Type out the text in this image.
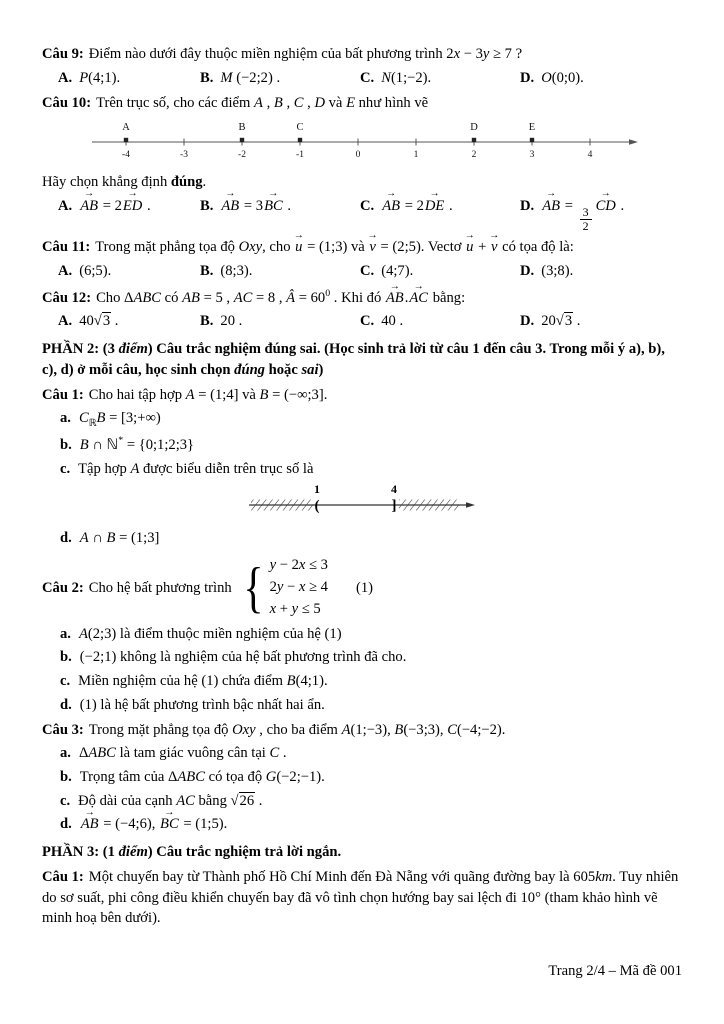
Câu 9: Điểm nào dưới đây thuộc miền nghiệm của bất phương trình 2x − 3y ≥ 7 ?

A. P(4;1).	B. M (−2;2) .	C. N(1;−2).	D. O(0;0).

Câu 10: Trên trục số, cho các điểm A , B , C , D và E như hình vẽ

A	B	C	D	E
-4	-3	-2	-1	0	1	2	3	4

Hãy chọn khẳng định đúng.

A. AB → = 2ED → .	B. AB → = 3BC → .	C. AB → = 2DE → .	D. AB → = $\frac{3}{2}$ CD → .

Câu 11: Trong mặt phẳng tọa độ Oxy, cho u → = (1;3) và v → = (2;5). Vectơ u → + v → có tọa độ là:

A. (6;5).	B. (8;3).	C. (4;7).	D. (3;8).

Câu 12: Cho ΔABC có AB = 5 , AC = 8 , Â = $60^0$ . Khi đó AB →.AC → bằng:

A. 40√3 .	B. 20 .	C. 40 .	D. 20√3 .

PHẦN 2: (3 điểm) Câu trắc nghiệm đúng sai. (Học sinh trả lời từ câu 1 đến câu 3. Trong mỗi ý a), b), c), d) ở mỗi câu, học sinh chọn đúng hoặc sai)

Câu 1: Cho hai tập hợp A = (1;4] và B = (−∞;3].

a. $C_ℝB$ = [3;+∞)

b. B ∩ ℕ* = {0;1;2;3}

c. Tập hợp A được biểu diễn trên trục số là

(	]
1	4

d. A ∩ B = (1;3]

Câu 2: Cho hệ bất phương trình { y − 2x ≤ 3
2y − x ≥ 4
x + y ≤ 5
(1)

a. A(2;3) là điểm thuộc miền nghiệm của hệ (1)

b. (−2;1) không là nghiệm của hệ bất phương trình đã cho.

c. Miền nghiệm của hệ (1) chứa điểm B(4;1).

d. (1) là hệ bất phương trình bậc nhất hai ẩn.

Câu 3: Trong mặt phẳng tọa độ Oxy , cho ba điểm A(1;−3), B(−3;3), C(−4;−2).

a. ΔABC là tam giác vuông cân tại C .

b. Trọng tâm của ΔABC có tọa độ G(−2;−1).

c. Độ dài của cạnh AC bằng √26 .

d. AB → = (−4;6), BC → = (1;5).

PHẦN 3: (1 điểm) Câu trắc nghiệm trả lời ngắn.

Câu 1: Một chuyến bay từ Thành phố Hồ Chí Minh đến Đà Nẵng với quãng đường bay là 605km. Tuy nhiên do sơ suất, phi công điều khiển chuyến bay đã vô tình chọn hướng bay sai lệch đi 10° (tham khảo hình vẽ minh hoạ bên dưới).

Trang 2/4 – Mã đề 001
